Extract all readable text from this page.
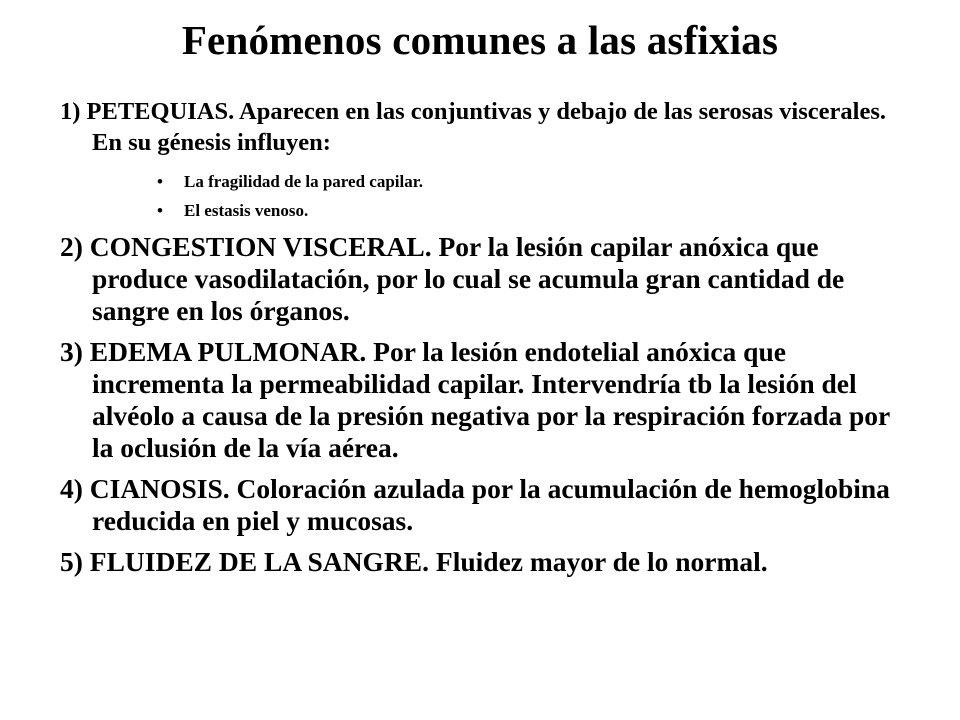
Fenómenos comunes a las asfixias

1) PETEQUIAS. Aparecen en las conjuntivas y debajo de las serosas viscerales. En su génesis influyen:

• La fragilidad de la pared capilar.
• El estasis venoso.

2) CONGESTION VISCERAL. Por la lesión capilar anóxica que produce vasodilatación, por lo cual se acumula gran cantidad de sangre en los órganos.

3) EDEMA PULMONAR. Por la lesión endotelial anóxica que incrementa la permeabilidad capilar. Intervendría tb la lesión del alvéolo a causa de la presión negativa por la respiración forzada por la oclusión de la vía aérea.

4) CIANOSIS. Coloración azulada por la acumulación de hemoglobina reducida en piel y mucosas.

5) FLUIDEZ DE LA SANGRE. Fluidez mayor de lo normal.
